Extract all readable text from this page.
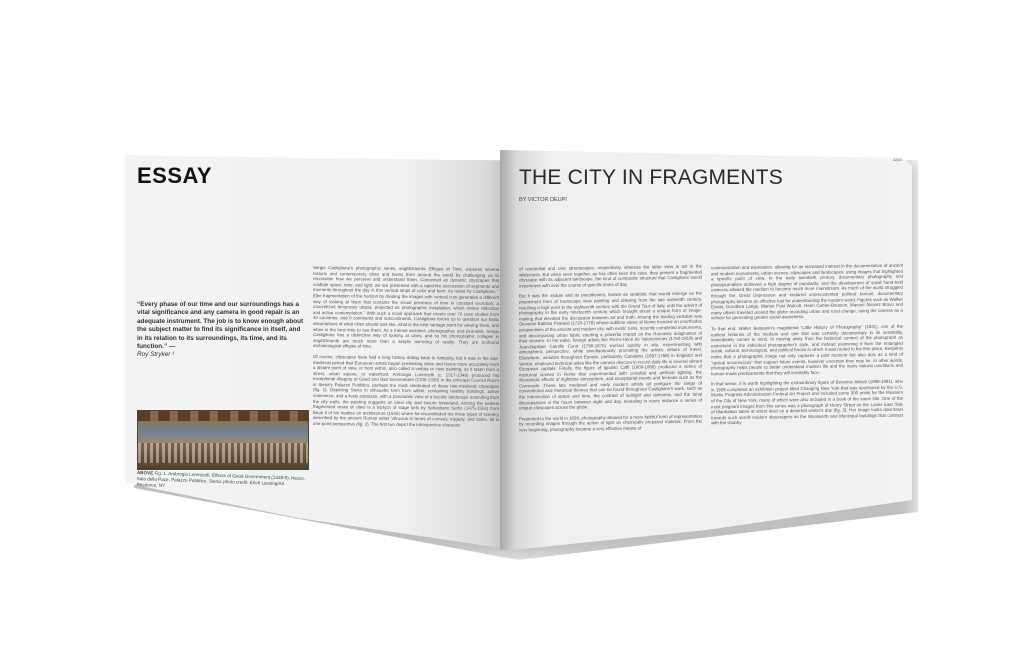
ESSAY
“Every phase of our time and our surroundings has a vital significance and any camera in good repair is an adequate instrument. The job is to know enough about the subject matter to find its significance in itself, and in its relation to its surroundings, its time, and its function.” —
Roy Stryker ¹
ABOVE Fig. 1. Ambrogio Lorenzetti, Effects of Good Government (1338-9), fresco, Sala della Pace, Palazzo Pubblico, Siena; photo credit: Erich Lessing/Art Resource, NY

Sergio Castiglione's photographic series, segMOments: Effigies of Time, explores several historic and contemporary cities and towns from around the world by challenging us to reconsider how we perceive and understand them. Conceived as dynamic cityscapes that conflate space, time, and light, we are presented with a rapid-fire succession of segments and moments throughout the day in thin vertical strips of color and form. As noted by Castiglione, "[t]he fragmentation of the horizon by dividing the images with vertical cuts generates a different way of looking at them that contains the visual presence of time in constant evolution; a concretized temporary utopia, projected as photographic installation, which invites reflection and active contemplation." With such a novel approach that covers over 70 case studies from 30 countries, and 6 continents and subcontinents, Castiglione forces us to question our basic assumptions of what cities should look like, what is the best vantage point for viewing them, and when is the best time to see them. As a trained architect, photographer, and journalist, Sergio Castiglione has a distinctive way of looking at cities, and so his photographic collages in segMOments are much more than a simple mirroring of reality. They are profound archaeological effigies of time.

Of course, cityscapes have had a long history dating back to Antiquity, but it was in the late-medieval period that European artists began presenting cities and towns more accurately from a distant point of view, or from within, also called a veduta or view painting, as it taken from a street, urban square, or waterfront. Ambrogio Lorenzetti (c. 1317-1348) produced his exceptional Allegory of Good and Bad Government (1338-1339) in the principal Council Room in Siena's Palazzo Pubblico, perhaps the most celebrated of these late-medieval cityscapes (fig. 1). Depicting Siena in silhouette form from within, containing healthy buildings, active commerce, and a lively populace, with a panoramic view of a bucolic landscape extending from the city walls, the painting suggests an ideal city and secure hinterland. Among the earliest fragmented views of cities is a triptych of stage sets by Sebastiano Serlio (1475-1554) from Book II of his treatise on architecture (1545) where he reconstituted the three types of scenery described by the ancient Roman writer Vitruvius in terms of comedy, tragedy, and satire, all in one-point perspective (fig. 2). The first two depict the introspective character

42|43
THE CITY IN FRAGMENTS
BY VICTOR DEUPI

of residential and civic streetscapes, respectively, whereas the latter view is set in the wilderness. But when seen together, as has often been the case, they present a fragmented cityscape with its adjacent landscape, the kind of composite structure that Castiglione would experiment with over the course of specific times of day.

But it was the vedute and its practitioners, known as vedutisti, that would emerge as the preeminent form of townscape view painting and drawing from the late sixteenth century, reaching a high point in the eighteenth century with the Grand Tour of Italy, until the advent of photography in the early nineteenth century which brought about a unique form of image-making that elevated the discussion between art and truth. Among the leading vedutisti was Giovanni Battista Piranesi (1720-1778) whose sublime views of Rome focused on unorthodox perspectives of the ancient and modern city, with exotic ruins, recently completed monuments, and decomposing urban fabric exerting a powerful impact on the Romantic imagination of their viewers. In his wake, foreign artists like Pierre-Henri de Valenciennes (1750-1819) and Jean-Baptiste Camille Corot (1796-1875) worked quickly in situ, experimenting with atmospheric perspective, while simultaneously promoting the artistic virtues of travel. Elsewhere, vedutisti throughout Europe, particularly Canaletto (1697-1768) in England and Venice, employed technical aides like the camera obscura to record daily life in several vibrant European capitals. Finally, the figure of Ippolito Caffi (1809-1866) produced a series of nocturnal scenes in Rome that experimented with celestial and artificial lighting, the illusionistic effects of nighttime atmosphere, and exceptional events and festivals such as the Carnevale. These late medieval and early modern artists all prefigure the range of conventional and rhetorical themes that can be found throughout Castiglione's work, such as the intersection of space and time, the contrast of sunlight and darkness, and the tonal discrepancies in the hours between night and day, revealing in every instance a series of unique cityscapes across the globe.

Presented to the world in 1839, photography allowed for a more faithful form of representation by recording images through the action of light on chemically prepared material. From the very beginning, photography became a very effective means of

communication and expression, allowing for an increased interest in the documentation of ancient and modern monuments, urban scenes, cityscapes and landscapes, using images that highlighted a specific point of view. In the early twentieth century, documentary photography and photojournalism achieved a high degree of popularity, and the development of small hand-held cameras allowed the medium to become much more mainstream. As much of the world struggled through the Great Depression and endured unprecedented political turmoil, documentary photography became an effective tool for understanding the modern world. Figures such as Walker Evans, Dorothea Lange, Marion Post Wolcott, Henri Cartier-Bresson, Manuel Álvarez Bravo and many others traveled around the globe recording urban and rural change, using the camera as a vehicle for generating greater social awareness.

To that end, Walter Benjamin's magisterial "Little History of Photography" (1931), one of the earliest histories of the medium and one that was certainly documentary in its sensibility, immediately comes to mind. In moving away from the historical context of the photograph as expressed in the individual photographer's style, and instead examining it from the entangled social, cultural, technological, and political forces in which it was rooted in the first place, Benjamin notes that a photographic image not only captures a past moment but also acts as a kind of "optical unconscious" that support future events, however uncertain they may be. In other words, photography helps people to better understand modern life and the many natural conditions and human-made predicaments that they will inevitably face.

In that sense, it is worth highlighting the extraordinary figure of Berenice Abbott (1898-1991), who in 1939 completed an exhibition project titled Changing New York that was sponsored by the U.S. Works Progress Administration Federal Art Project and included some 300 prints for the Museum of the City of New York, many of which were also included in a book of the same title. One of the most poignant images from this series was a photograph of Henry Street on the Lower East Side of Manhattan taken at street level on a deserted winter's day (fig. 3). Her image looks downtown towards such sun-lit modern skyscrapers as the Woolworth and Municipal buildings that contrast with the shabby
